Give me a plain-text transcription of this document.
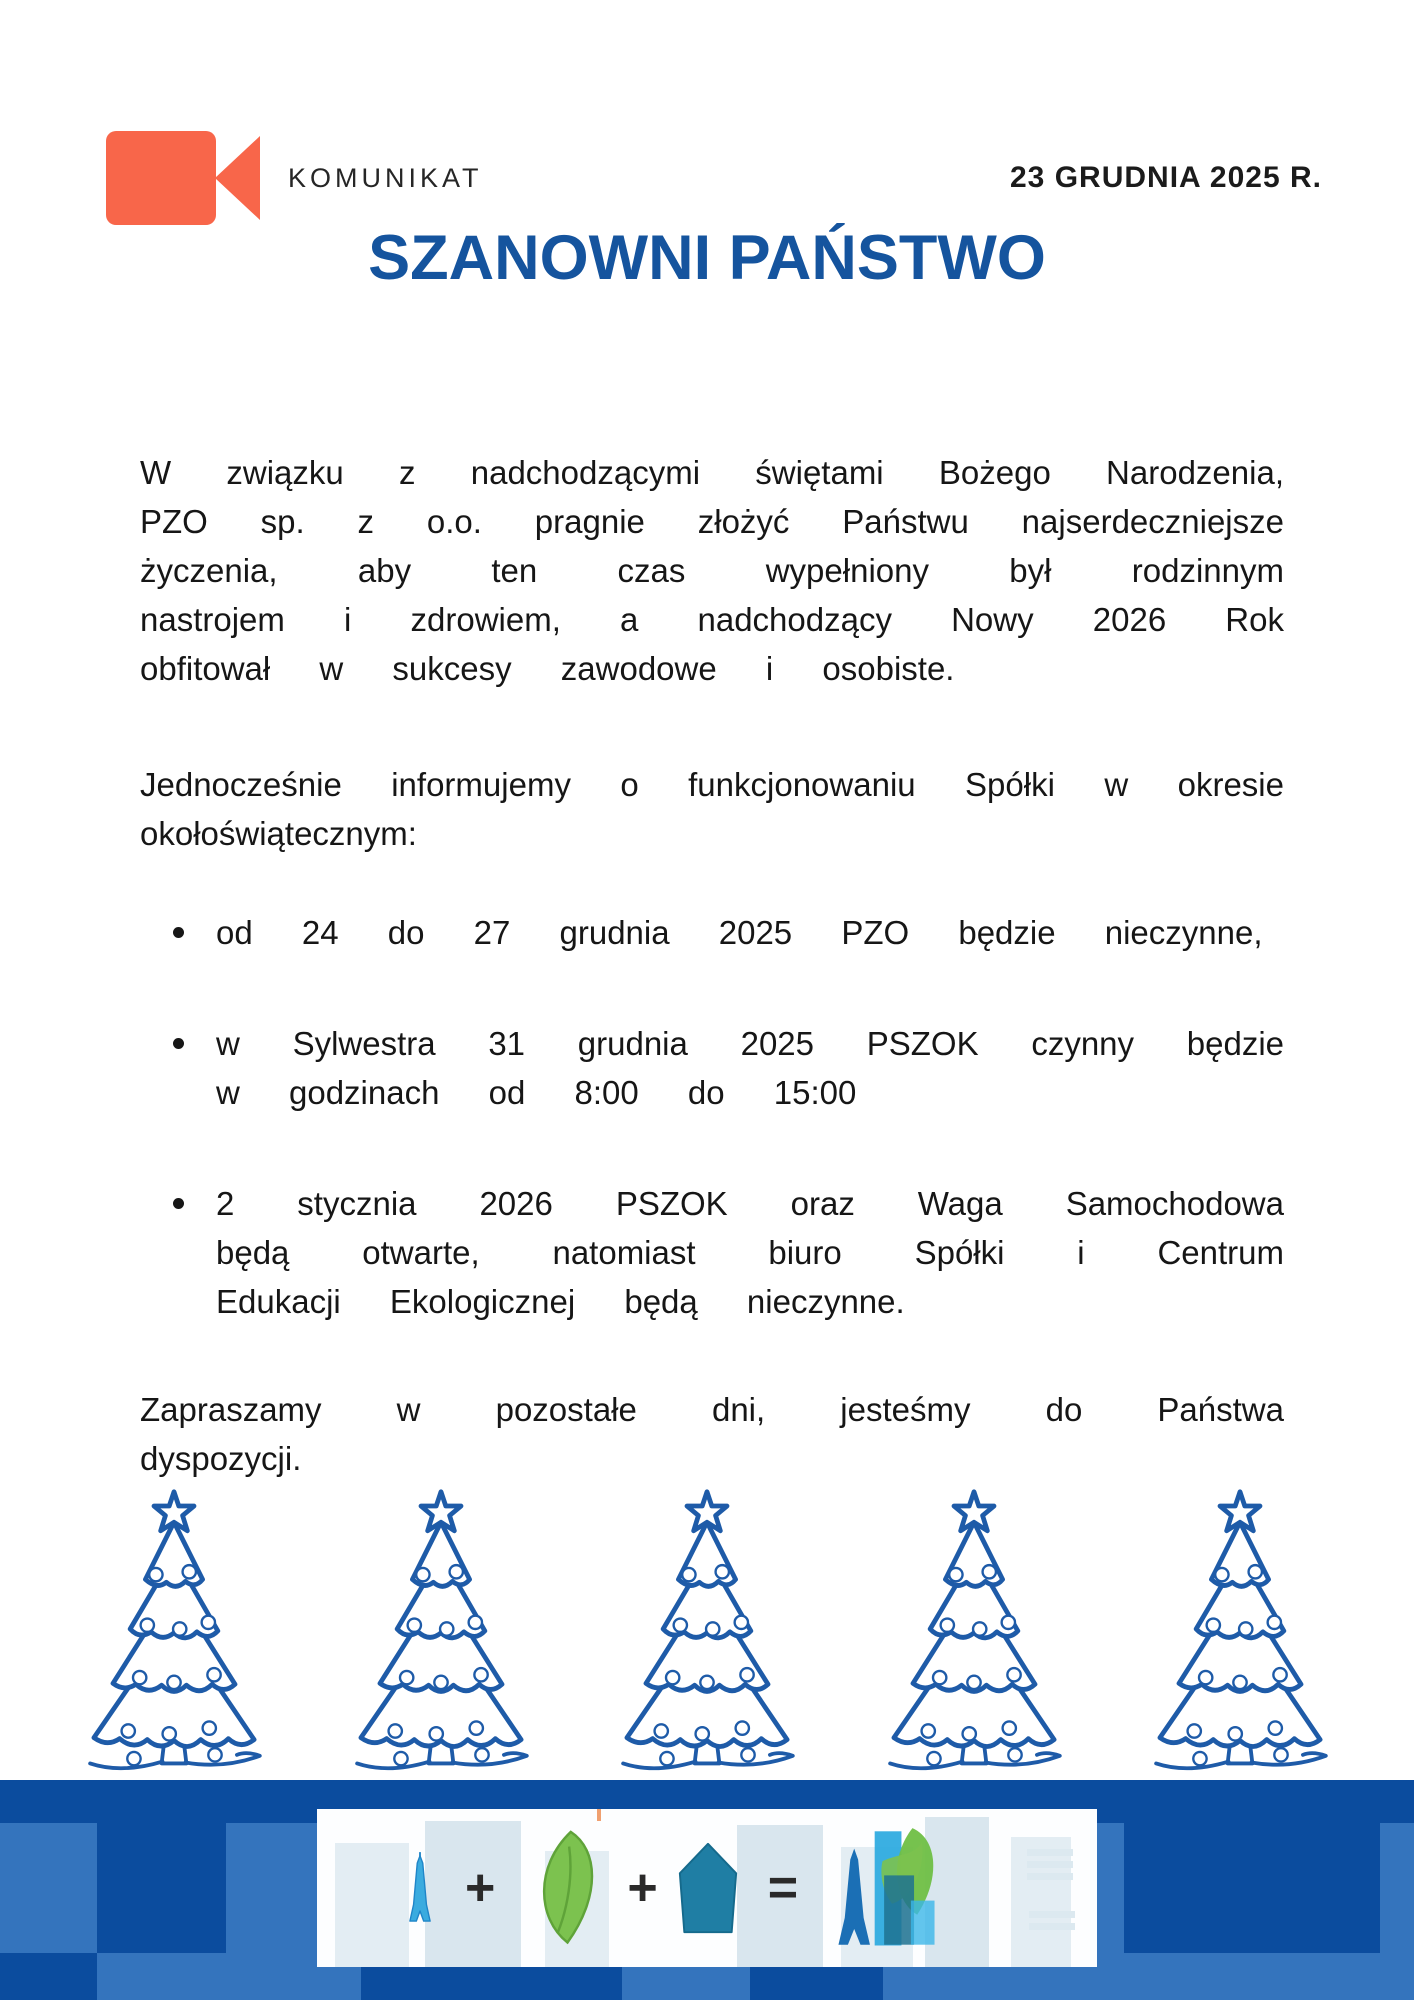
KOMUNIKAT	23 GRUDNIA 2025 R.
SZANOWNI PAŃSTWO
W związku z nadchodzącymi świętami Bożego Narodzenia, PZO sp. z o.o. pragnie złożyć Państwu najserdeczniejsze życzenia, aby ten czas wypełniony był rodzinnym nastrojem i zdrowiem, a nadchodzący Nowy 2026 Rok obfitował w sukcesy zawodowe i osobiste.
Jednocześnie informujemy o funkcjonowaniu Spółki w okresie okołoświątecznym:
od 24 do 27 grudnia 2025 PZO będzie nieczynne,
w Sylwestra 31 grudnia 2025 PSZOK czynny będzie w godzinach od 8:00 do 15:00
2 stycznia 2026 PSZOK oraz Waga Samochodowa będą otwarte, natomiast biuro Spółki i Centrum Edukacji Ekologicznej będą nieczynne.
Zapraszamy w pozostałe dni, jesteśmy do Państwa dyspozycji.
+	+ =
